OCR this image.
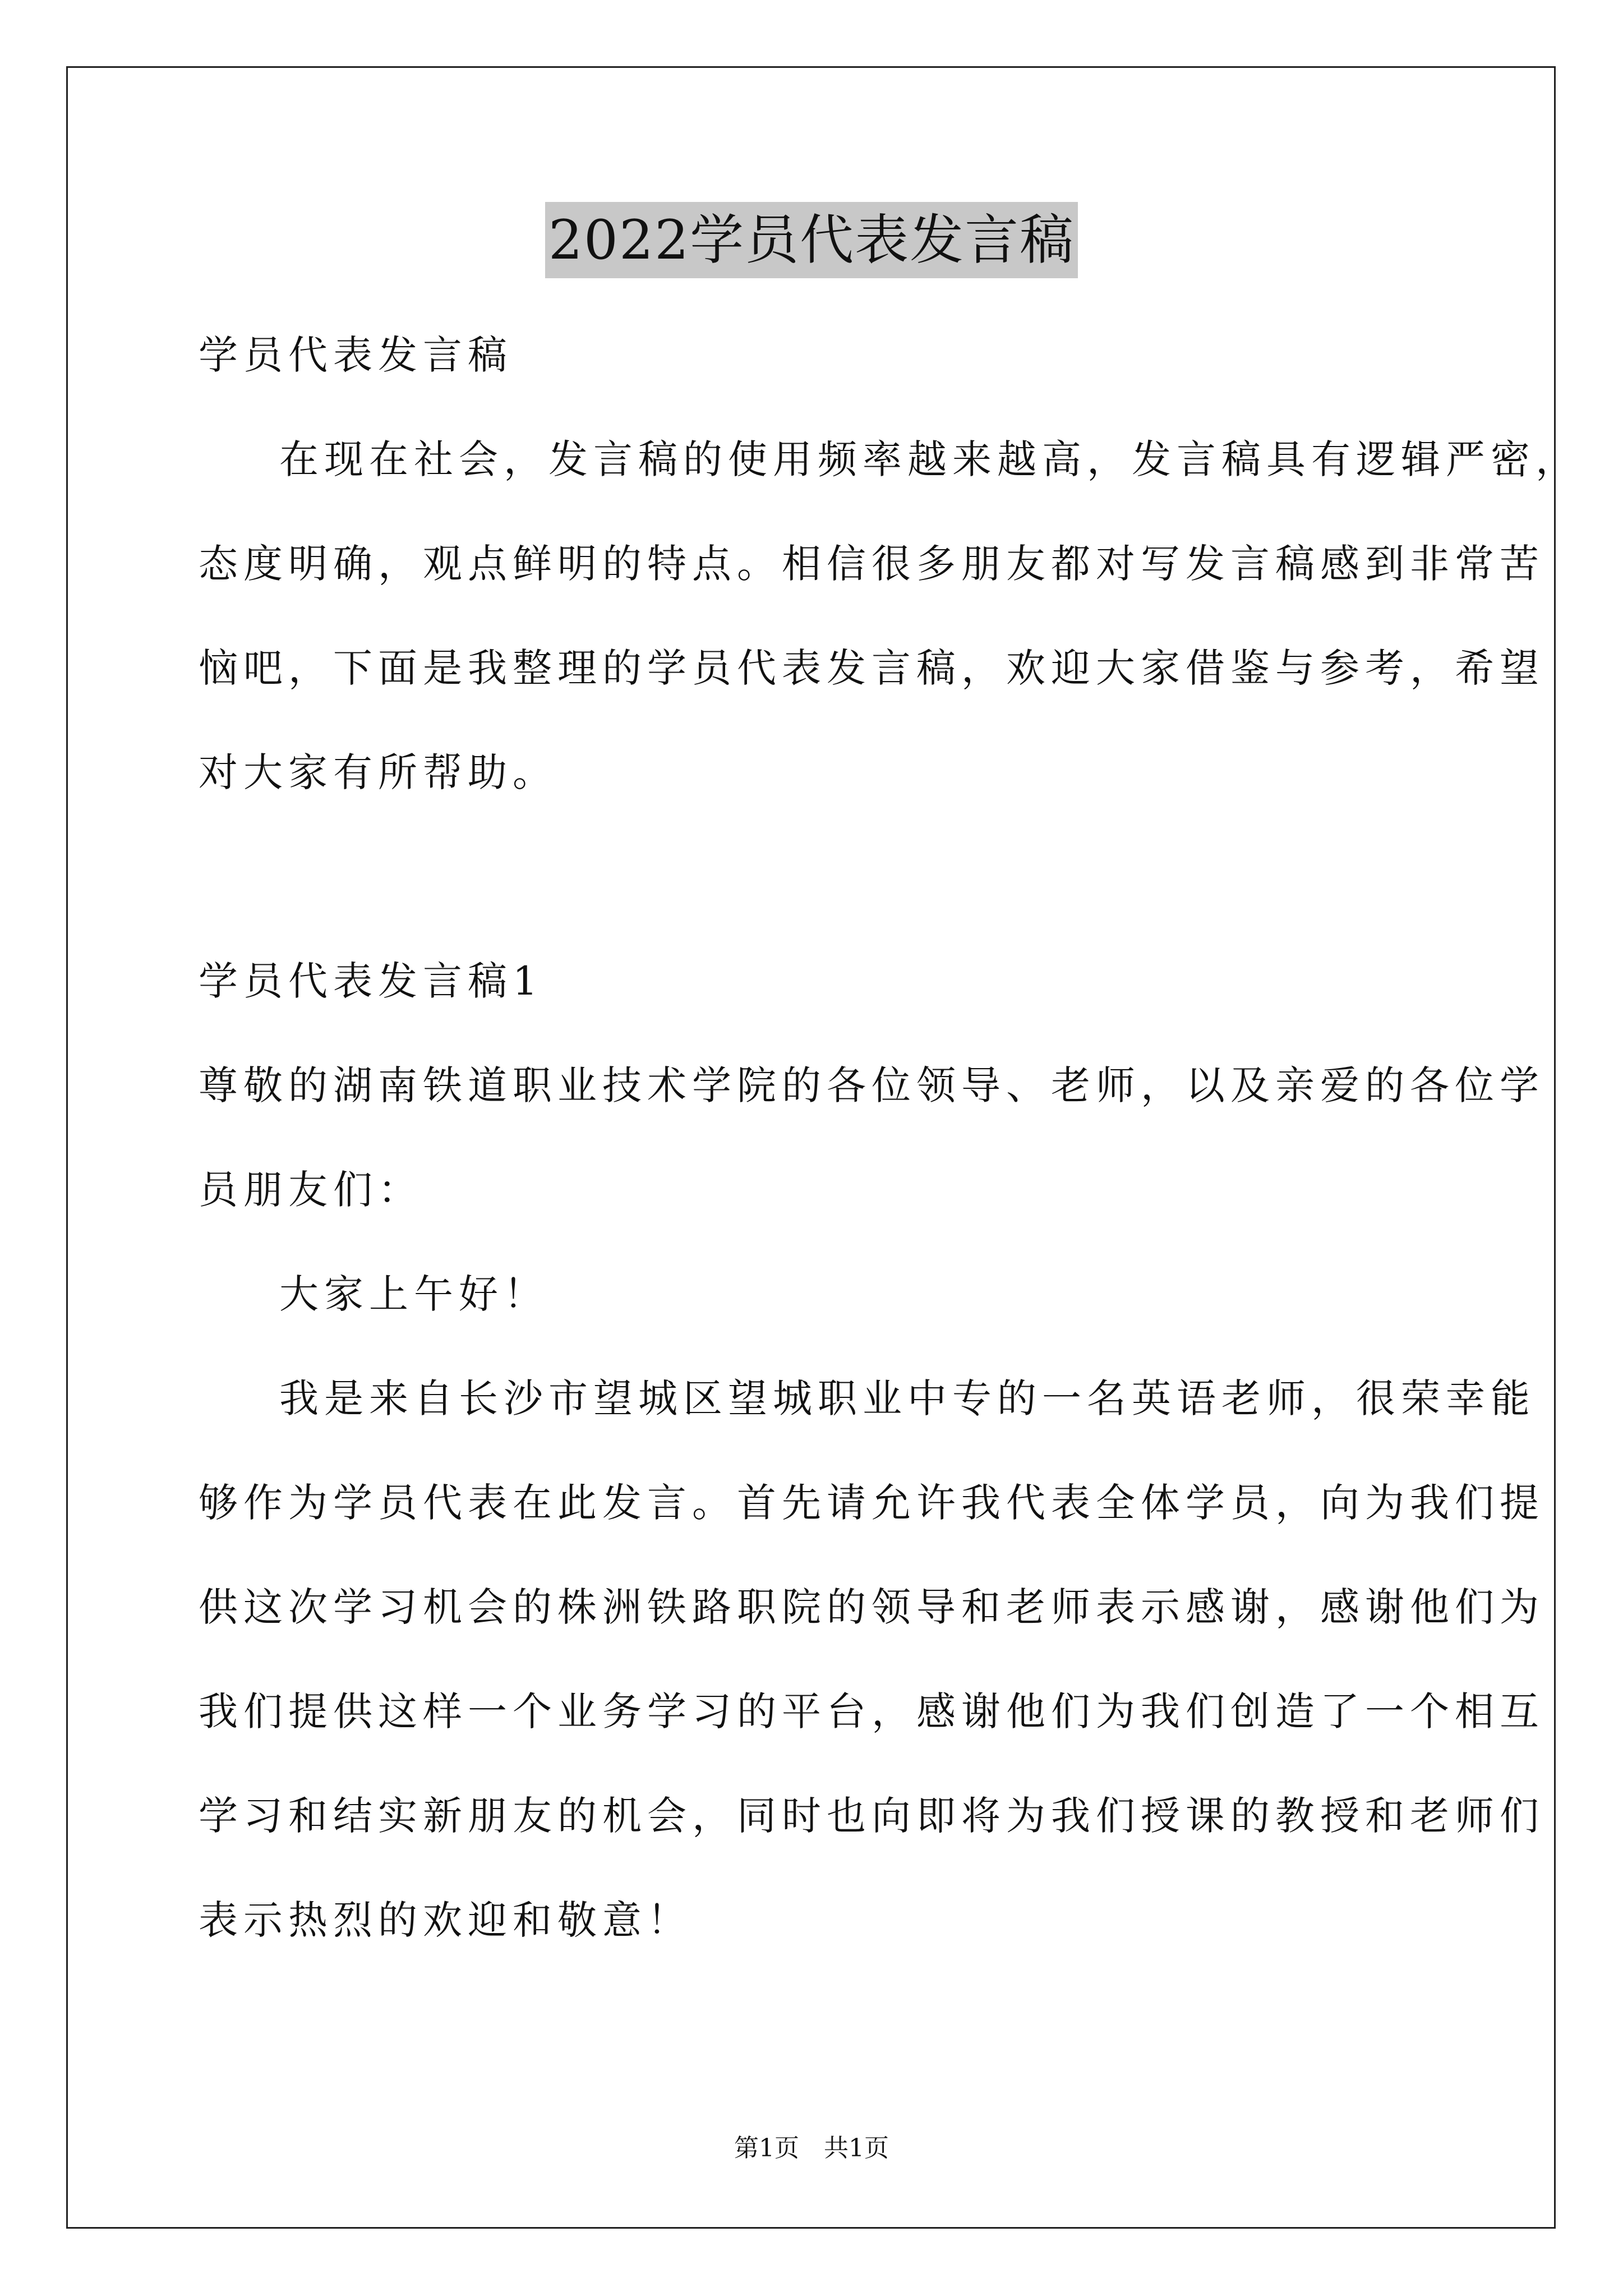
2022学员代表发言稿
学员代表发言稿
在现在社会，发言稿的使用频率越来越高，发言稿具有逻辑严密，
态度明确，观点鲜明的特点。相信很多朋友都对写发言稿感到非常苦
恼吧，下面是我整理的学员代表发言稿，欢迎大家借鉴与参考，希望
对大家有所帮助。
学员代表发言稿1
尊敬的湖南铁道职业技术学院的各位领导、老师，以及亲爱的各位学
员朋友们：
大家上午好！
我是来自长沙市望城区望城职业中专的一名英语老师，很荣幸能
够作为学员代表在此发言。首先请允许我代表全体学员，向为我们提
供这次学习机会的株洲铁路职院的领导和老师表示感谢，感谢他们为
我们提供这样一个业务学习的平台，感谢他们为我们创造了一个相互
学习和结实新朋友的机会，同时也向即将为我们授课的教授和老师们
表示热烈的欢迎和敬意！
第1页　共1页
